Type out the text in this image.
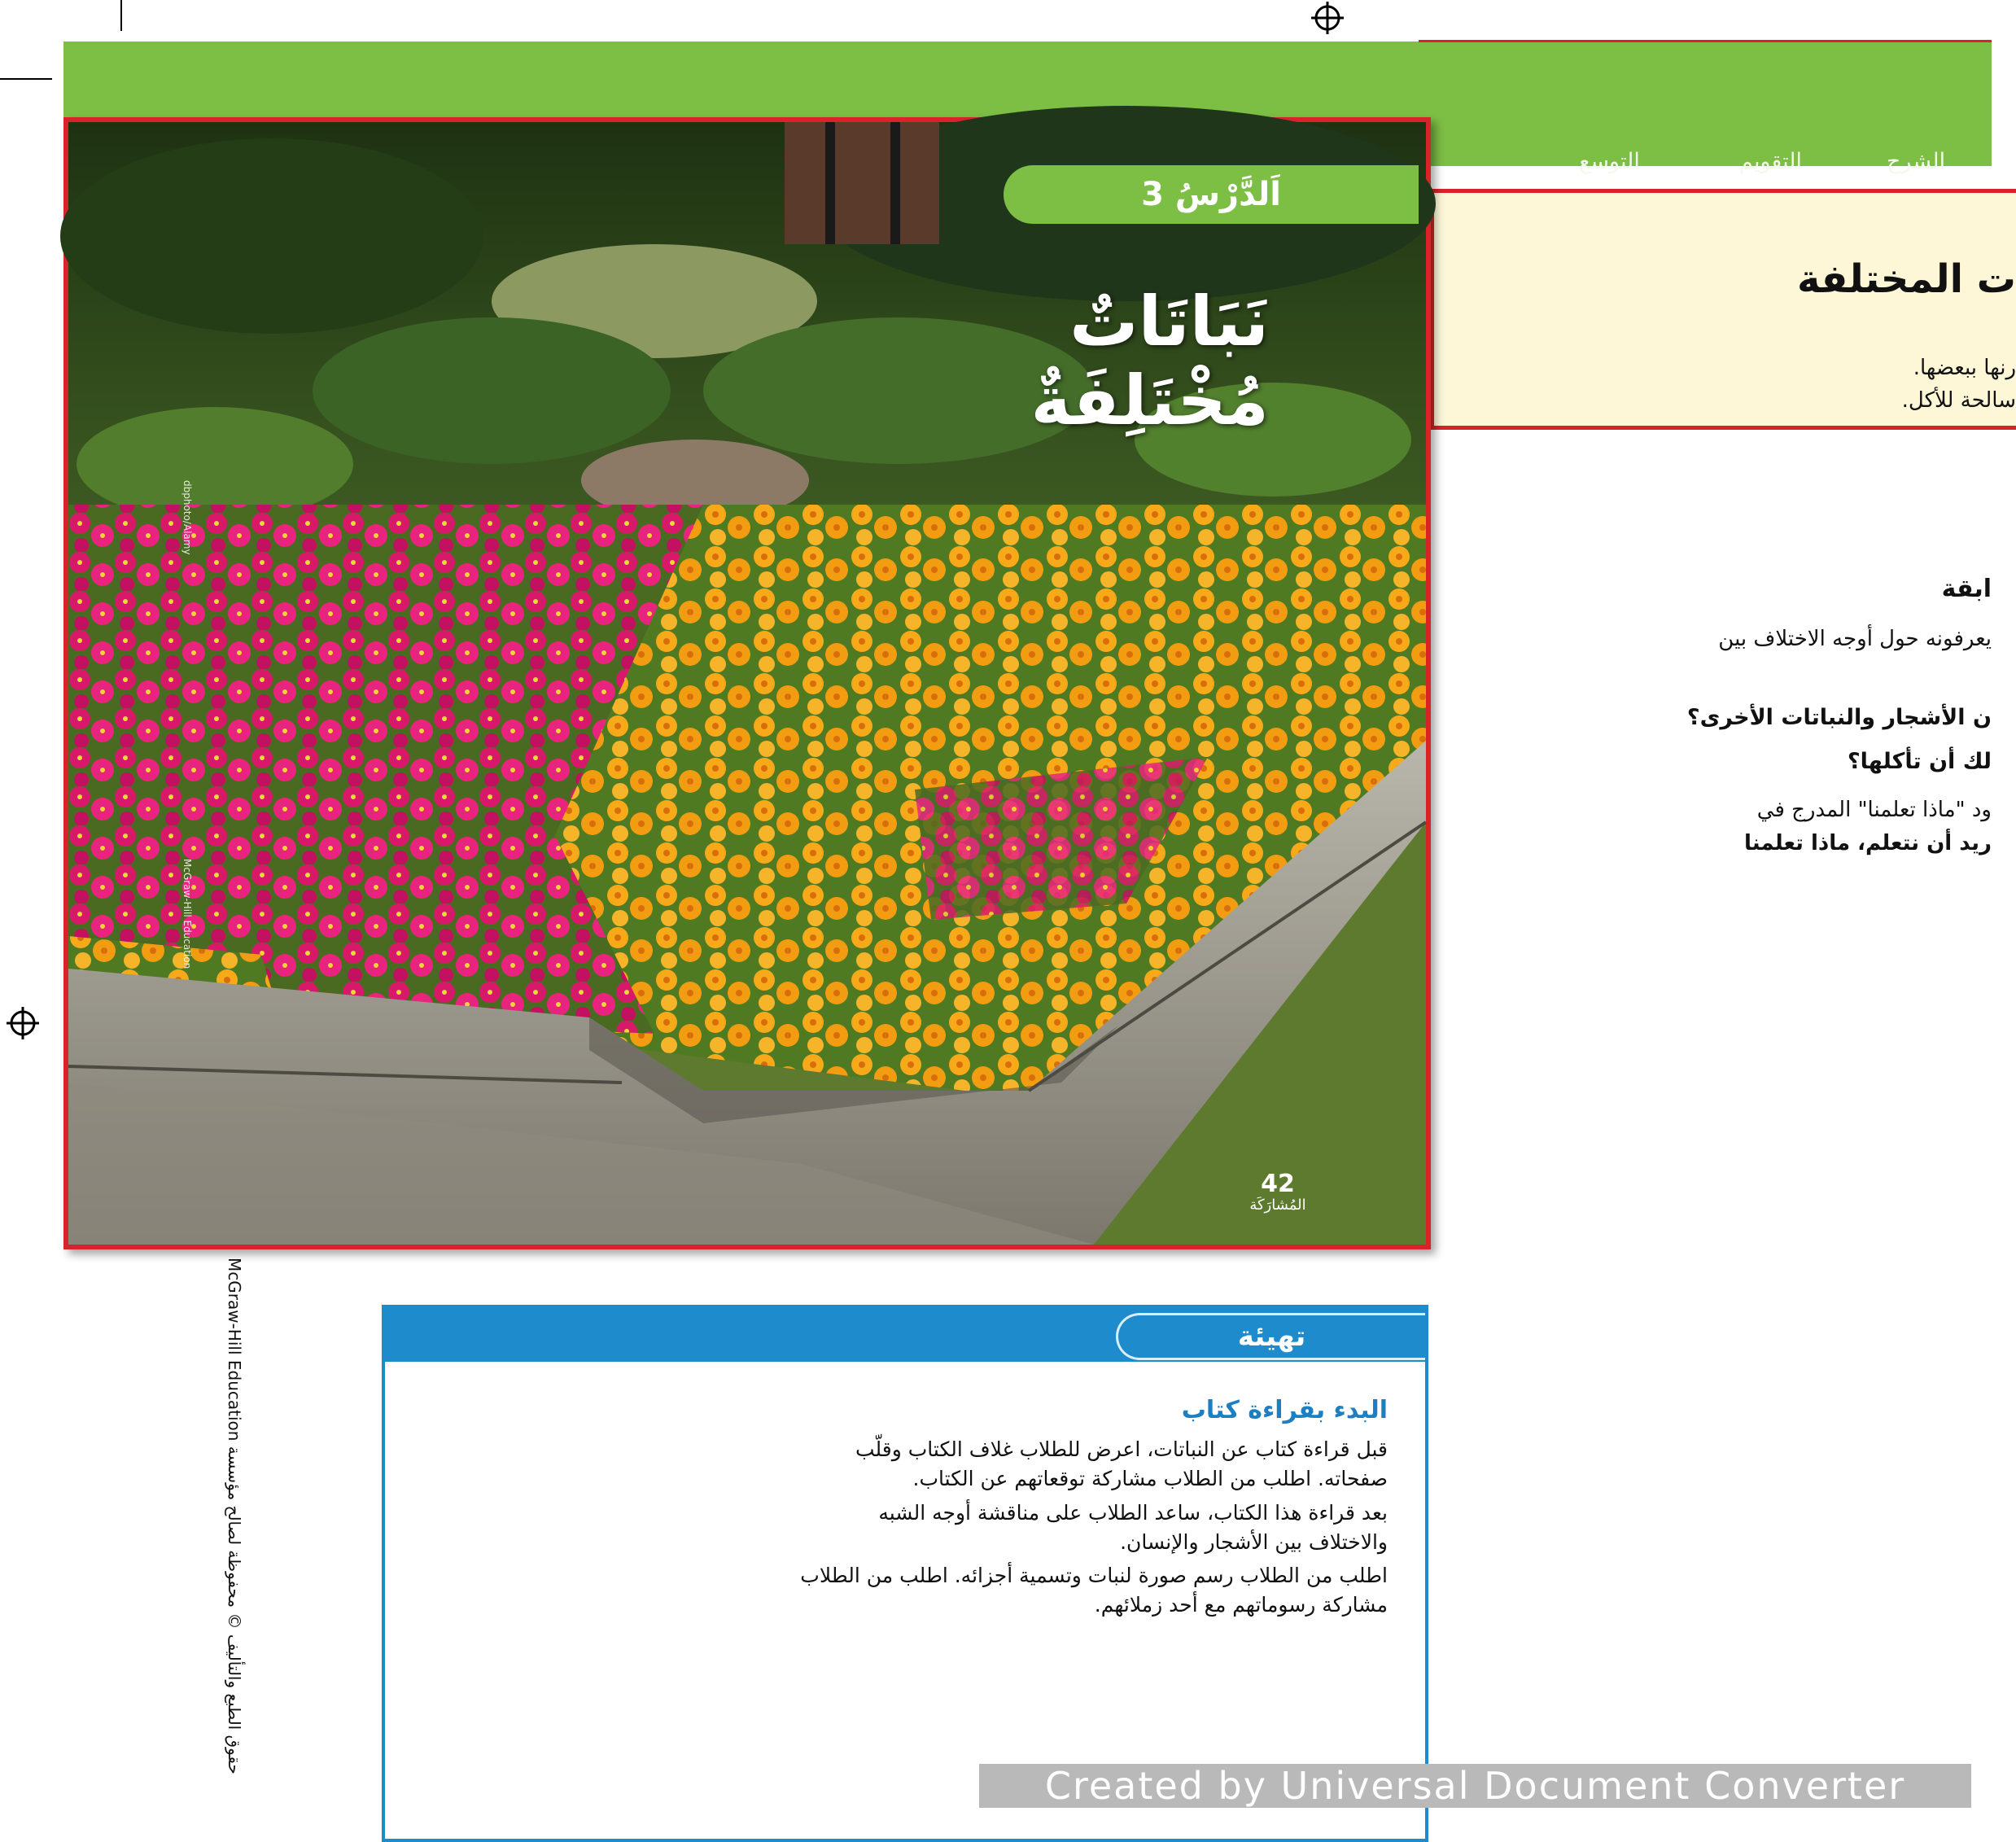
التوسع	التقويم	الشرح
ت المختلفة
رنها ببعضها.
سالحة للأكل.
اَلدَّرْسُ 3
نَبَاتَاتٌ
مُخْتَلِفَةٌ
42
المُشارَكَة
dbphoto/Alamy
McGraw-Hill Education
ابقة
يعرفونه حول أوجه الاختلاف بين
ن الأشجار والنباتات الأخرى؟
لك أن تأكلها؟
ود "ماذا تعلمنا" المدرج في
ريد أن نتعلم، ماذا تعلمنا
حقوق الطبع والتأليف © محفوظة لصالح مؤسسة McGraw-Hill Education
تهيئة
البدء بقراءة كتاب
قبل قراءة كتاب عن النباتات، اعرض للطلاب غلاف الكتاب وقلّب
صفحاته. اطلب من الطلاب مشاركة توقعاتهم عن الكتاب.
بعد قراءة هذا الكتاب، ساعد الطلاب على مناقشة أوجه الشبه
والاختلاف بين الأشجار والإنسان.
اطلب من الطلاب رسم صورة لنبات وتسمية أجزائه. اطلب من الطلاب
مشاركة رسوماتهم مع أحد زملائهم.
Created by Universal Document Converter
